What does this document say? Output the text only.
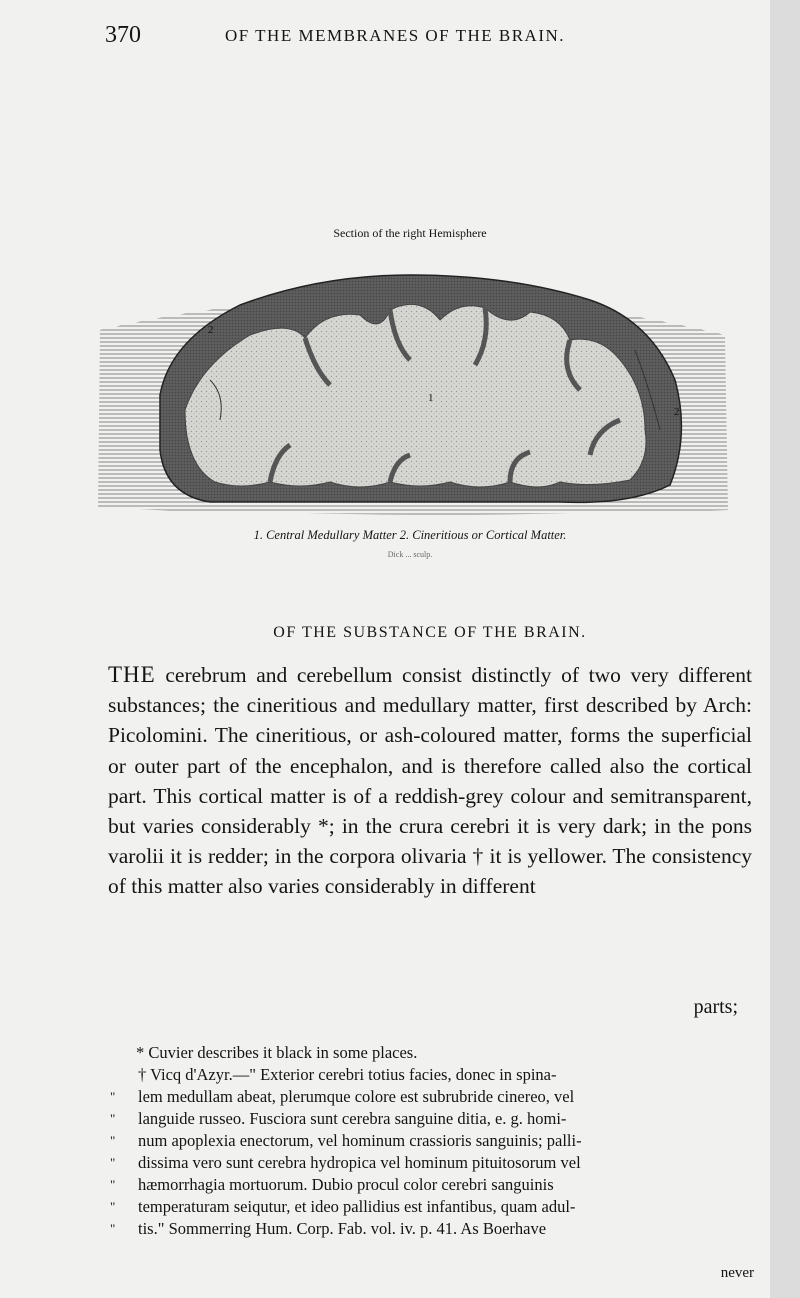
370	OF THE MEMBRANES OF THE BRAIN.
Section of the right Hemisphere
1
2
2
1. Central Medullary Matter 2. Cineritious or Cortical Matter.
Dick ... sculp.
OF THE SUBSTANCE OF THE BRAIN.

THE cerebrum and cerebellum consist distinctly of two very different substances; the cineritious and medullary matter, first described by Arch: Picolomini. The cineritious, or ash-coloured matter, forms the superficial or outer part of the encephalon, and is therefore called also the cortical part. This cortical matter is of a reddish-grey colour and semitransparent, but varies considerably *; in the crura cerebri it is very dark; in the pons varolii it is redder; in the corpora olivaria † it is yellower. The consistency of this matter also varies considerably in different

parts;
* Cuvier describes it black in some places.
† Vicq d'Azyr.—" Exterior cerebri totius facies, donec in spina-
" lem medullam abeat, plerumque colore est subrubride cinereo, vel
" languide russeo. Fusciora sunt cerebra sanguine ditia, e. g. homi-
" num apoplexia enectorum, vel hominum crassioris sanguinis; palli-
" dissima vero sunt cerebra hydropica vel hominum pituitosorum vel
" hæmorrhagia mortuorum. Dubio procul color cerebri sanguinis
" temperaturam seiqutur, et ideo pallidius est infantibus, quam adul-
" tis." Sommerring Hum. Corp. Fab. vol. iv. p. 41. As Boerhave
never
